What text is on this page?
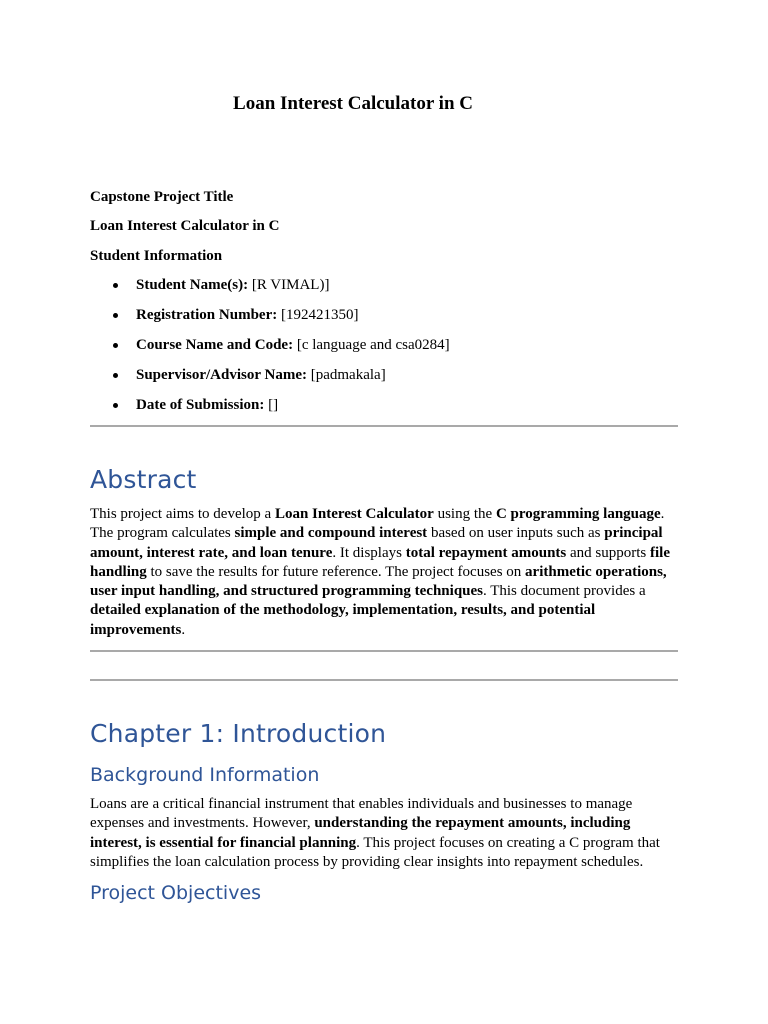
Loan Interest Calculator in C
Capstone Project Title
Loan Interest Calculator in C
Student Information
Student Name(s): [R VIMAL)]
Registration Number: [192421350]
Course Name and Code: [c language and csa0284]
Supervisor/Advisor Name: [padmakala]
Date of Submission: []
Abstract
This project aims to develop a Loan Interest Calculator using the C programming language. The program calculates simple and compound interest based on user inputs such as principal amount, interest rate, and loan tenure. It displays total repayment amounts and supports file handling to save the results for future reference. The project focuses on arithmetic operations, user input handling, and structured programming techniques. This document provides a detailed explanation of the methodology, implementation, results, and potential improvements.
Chapter 1: Introduction
Background Information
Loans are a critical financial instrument that enables individuals and businesses to manage expenses and investments. However, understanding the repayment amounts, including interest, is essential for financial planning. This project focuses on creating a C program that simplifies the loan calculation process by providing clear insights into repayment schedules.
Project Objectives
